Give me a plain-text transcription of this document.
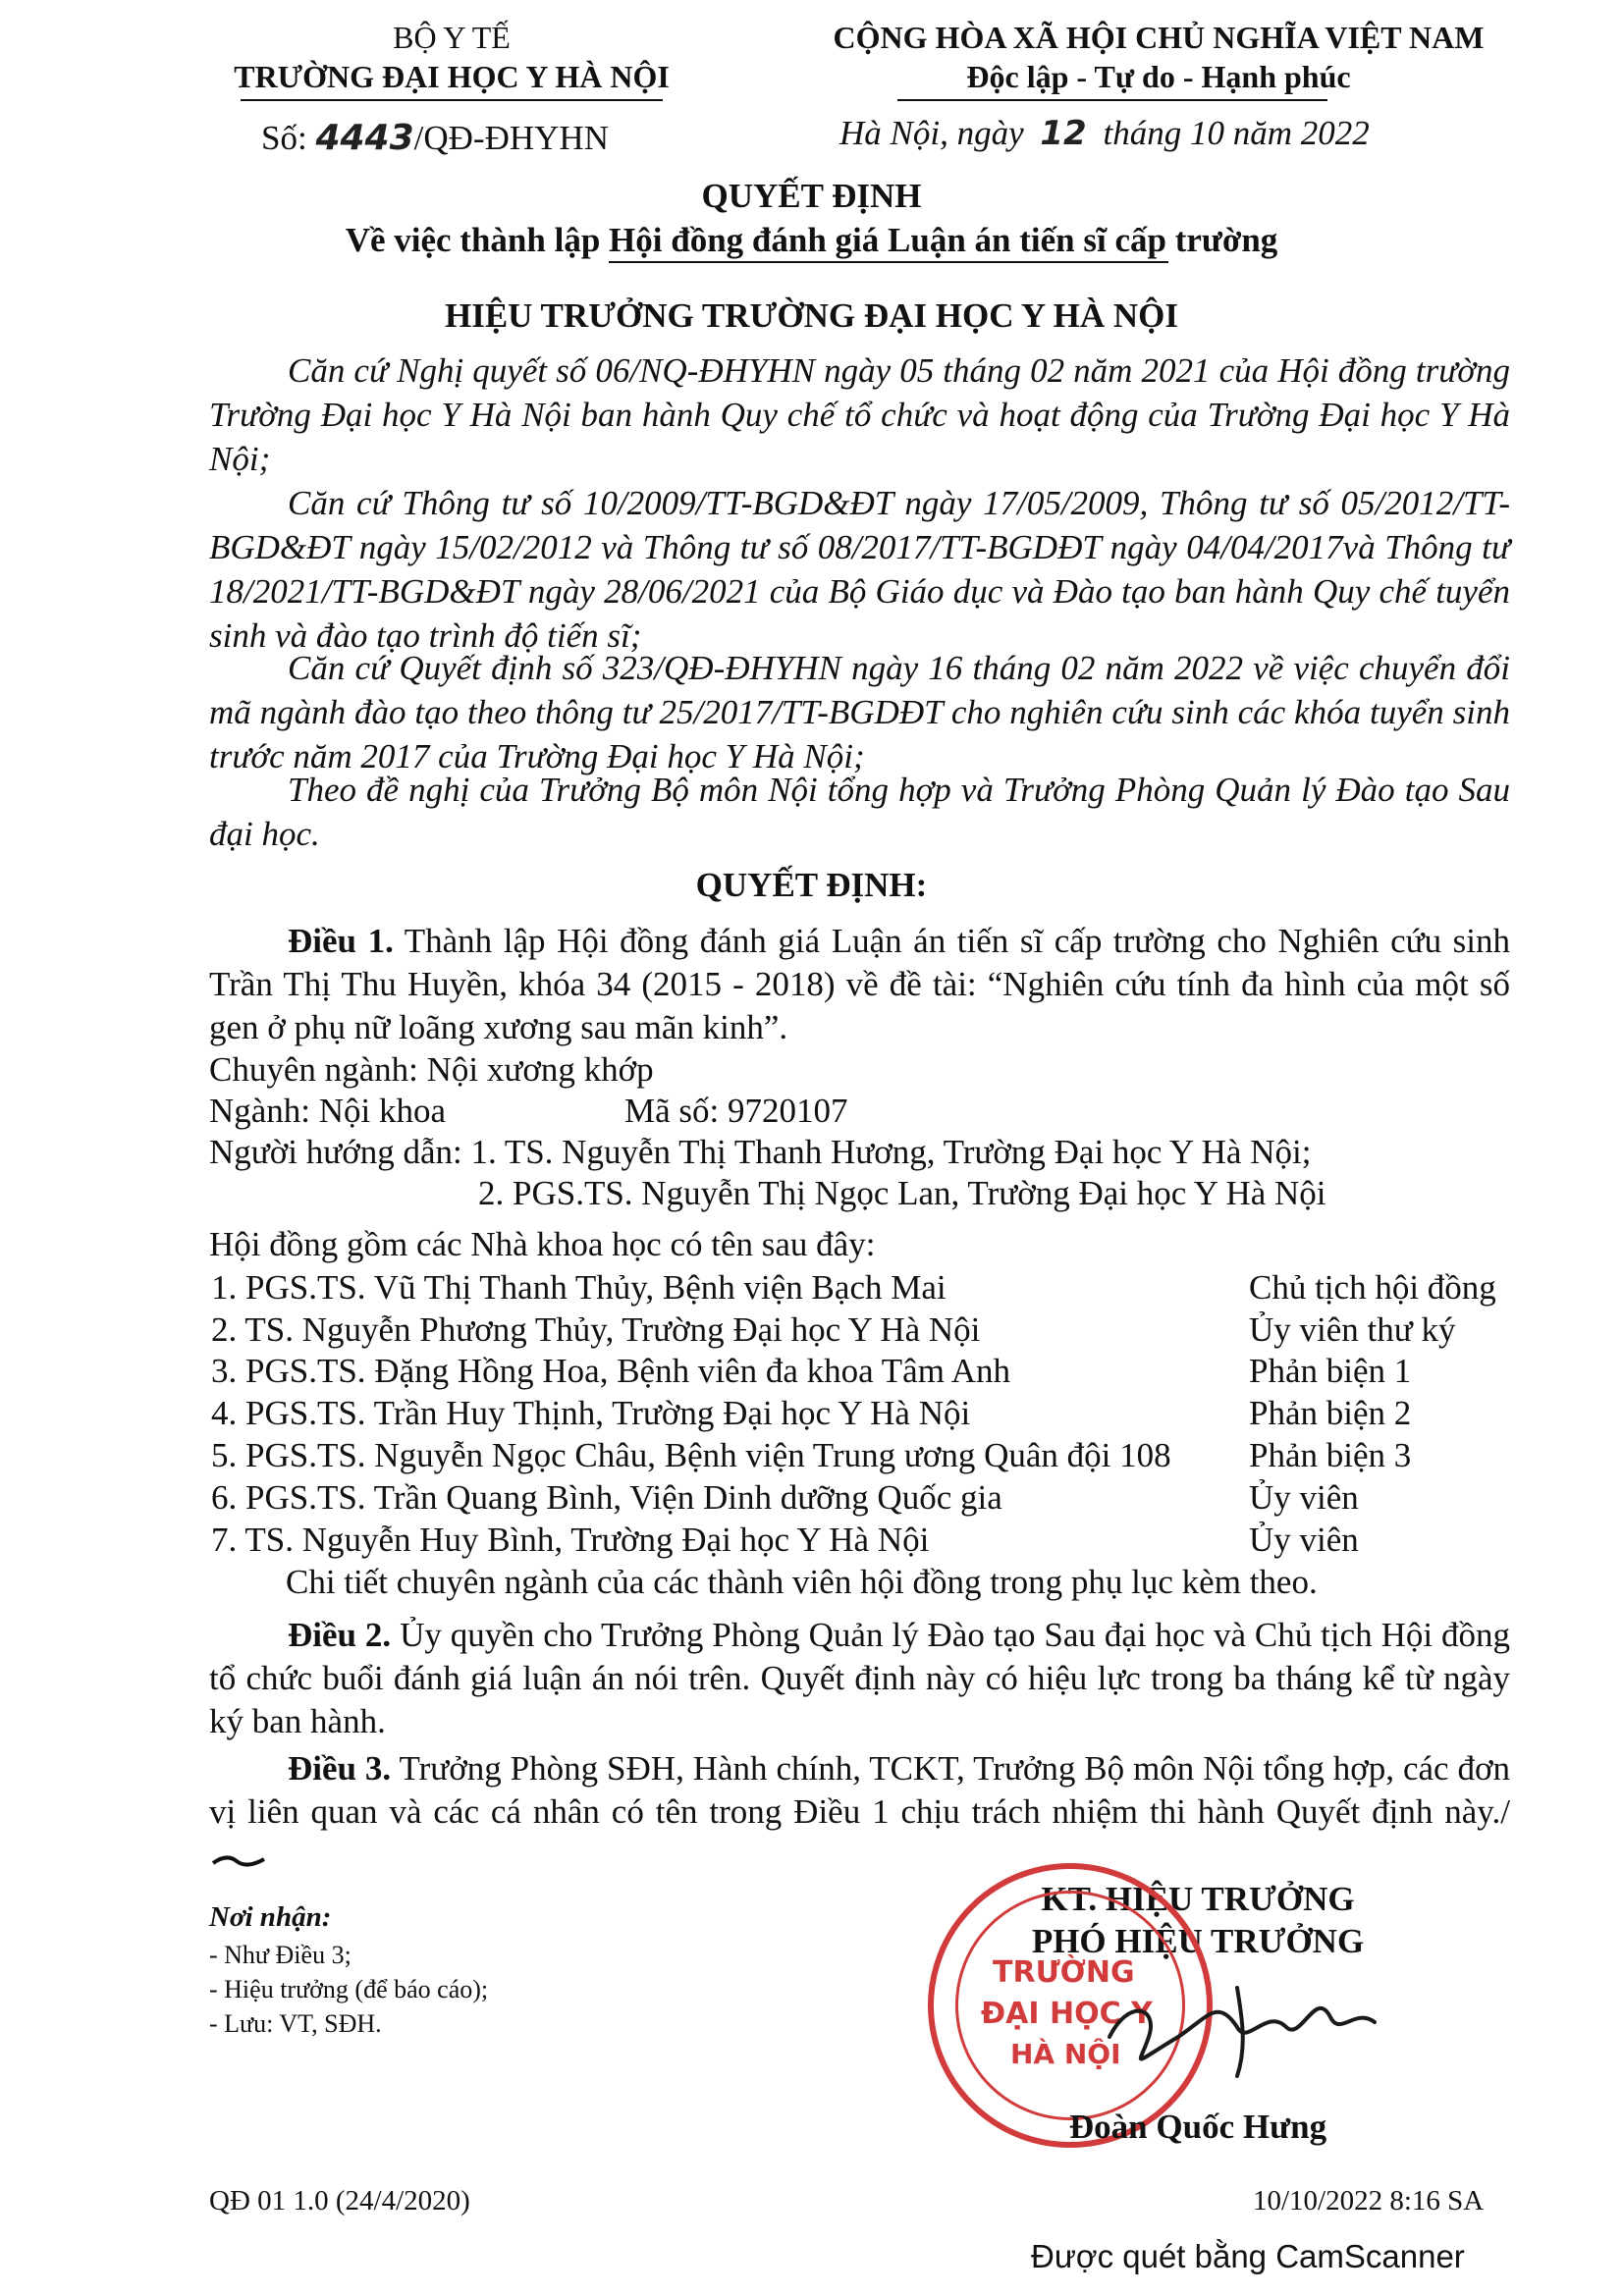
BỘ Y TẾ
TRƯỜNG ĐẠI HỌC Y HÀ NỘI
Số: 4443/QĐ-ĐHYHN
CỘNG HÒA XÃ HỘI CHỦ NGHĨA VIỆT NAM
Độc lập - Tự do - Hạnh phúc
Hà Nội, ngày 12 tháng 10 năm 2022
QUYẾT ĐỊNH
Về việc thành lập Hội đồng đánh giá Luận án tiến sĩ cấp trường
HIỆU TRƯỞNG TRƯỜNG ĐẠI HỌC Y HÀ NỘI
Căn cứ Nghị quyết số 06/NQ-ĐHYHN ngày 05 tháng 02 năm 2021 của Hội đồng trường Trường Đại học Y Hà Nội ban hành Quy chế tổ chức và hoạt động của Trường Đại học Y Hà Nội;
Căn cứ Thông tư số 10/2009/TT-BGD&ĐT ngày 17/05/2009, Thông tư số 05/2012/TT-BGD&ĐT ngày 15/02/2012 và Thông tư số 08/2017/TT-BGDĐT ngày 04/04/2017và Thông tư 18/2021/TT-BGD&ĐT ngày 28/06/2021 của Bộ Giáo dục và Đào tạo ban hành Quy chế tuyển sinh và đào tạo trình độ tiến sĩ;
Căn cứ Quyết định số 323/QĐ-ĐHYHN ngày 16 tháng 02 năm 2022 về việc chuyển đổi mã ngành đào tạo theo thông tư 25/2017/TT-BGDĐT cho nghiên cứu sinh các khóa tuyển sinh trước năm 2017 của Trường Đại học Y Hà Nội;
Theo đề nghị của Trưởng Bộ môn Nội tổng hợp và Trưởng Phòng Quản lý Đào tạo Sau đại học.
QUYẾT ĐỊNH:
Điều 1. Thành lập Hội đồng đánh giá Luận án tiến sĩ cấp trường cho Nghiên cứu sinh Trần Thị Thu Huyền, khóa 34 (2015 - 2018) về đề tài: “Nghiên cứu tính đa hình của một số gen ở phụ nữ loãng xương sau mãn kinh”.
Chuyên ngành: Nội xương khớp
Ngành: Nội khoa	Mã số: 9720107
Người hướng dẫn: 1. TS. Nguyễn Thị Thanh Hương, Trường Đại học Y Hà Nội;
2. PGS.TS. Nguyễn Thị Ngọc Lan, Trường Đại học Y Hà Nội
Hội đồng gồm các Nhà khoa học có tên sau đây:
1. PGS.TS. Vũ Thị Thanh Thủy, Bệnh viện Bạch Mai	Chủ tịch hội đồng
2. TS. Nguyễn Phương Thủy, Trường Đại học Y Hà Nội	Ủy viên thư ký
3. PGS.TS. Đặng Hồng Hoa, Bệnh viên đa khoa Tâm Anh	Phản biện 1
4. PGS.TS. Trần Huy Thịnh, Trường Đại học Y Hà Nội	Phản biện 2
5. PGS.TS. Nguyễn Ngọc Châu, Bệnh viện Trung ương Quân đội 108 Phản biện 3
6. PGS.TS. Trần Quang Bình, Viện Dinh dưỡng Quốc gia	Ủy viên
7. TS. Nguyễn Huy Bình, Trường Đại học Y Hà Nội	Ủy viên
Chi tiết chuyên ngành của các thành viên hội đồng trong phụ lục kèm theo.
Điều 2. Ủy quyền cho Trưởng Phòng Quản lý Đào tạo Sau đại học và Chủ tịch Hội đồng tổ chức buổi đánh giá luận án nói trên. Quyết định này có hiệu lực trong ba tháng kể từ ngày ký ban hành.
Điều 3. Trưởng Phòng SĐH, Hành chính, TCKT, Trưởng Bộ môn Nội tổng hợp, các đơn vị liên quan và các cá nhân có tên trong Điều 1 chịu trách nhiệm thi hành Quyết định này./
Nơi nhận:
- Như Điều 3;
- Hiệu trưởng (để báo cáo);
- Lưu: VT, SĐH.
KT. HIỆU TRƯỞNG
PHÓ HIỆU TRƯỞNG
TRƯỜNG
ĐẠI HỌC Y
HÀ NỘI
Đoàn Quốc Hưng
QĐ 01 1.0 (24/4/2020)	10/10/2022 8:16 SA
Được quét bằng CamScanner
